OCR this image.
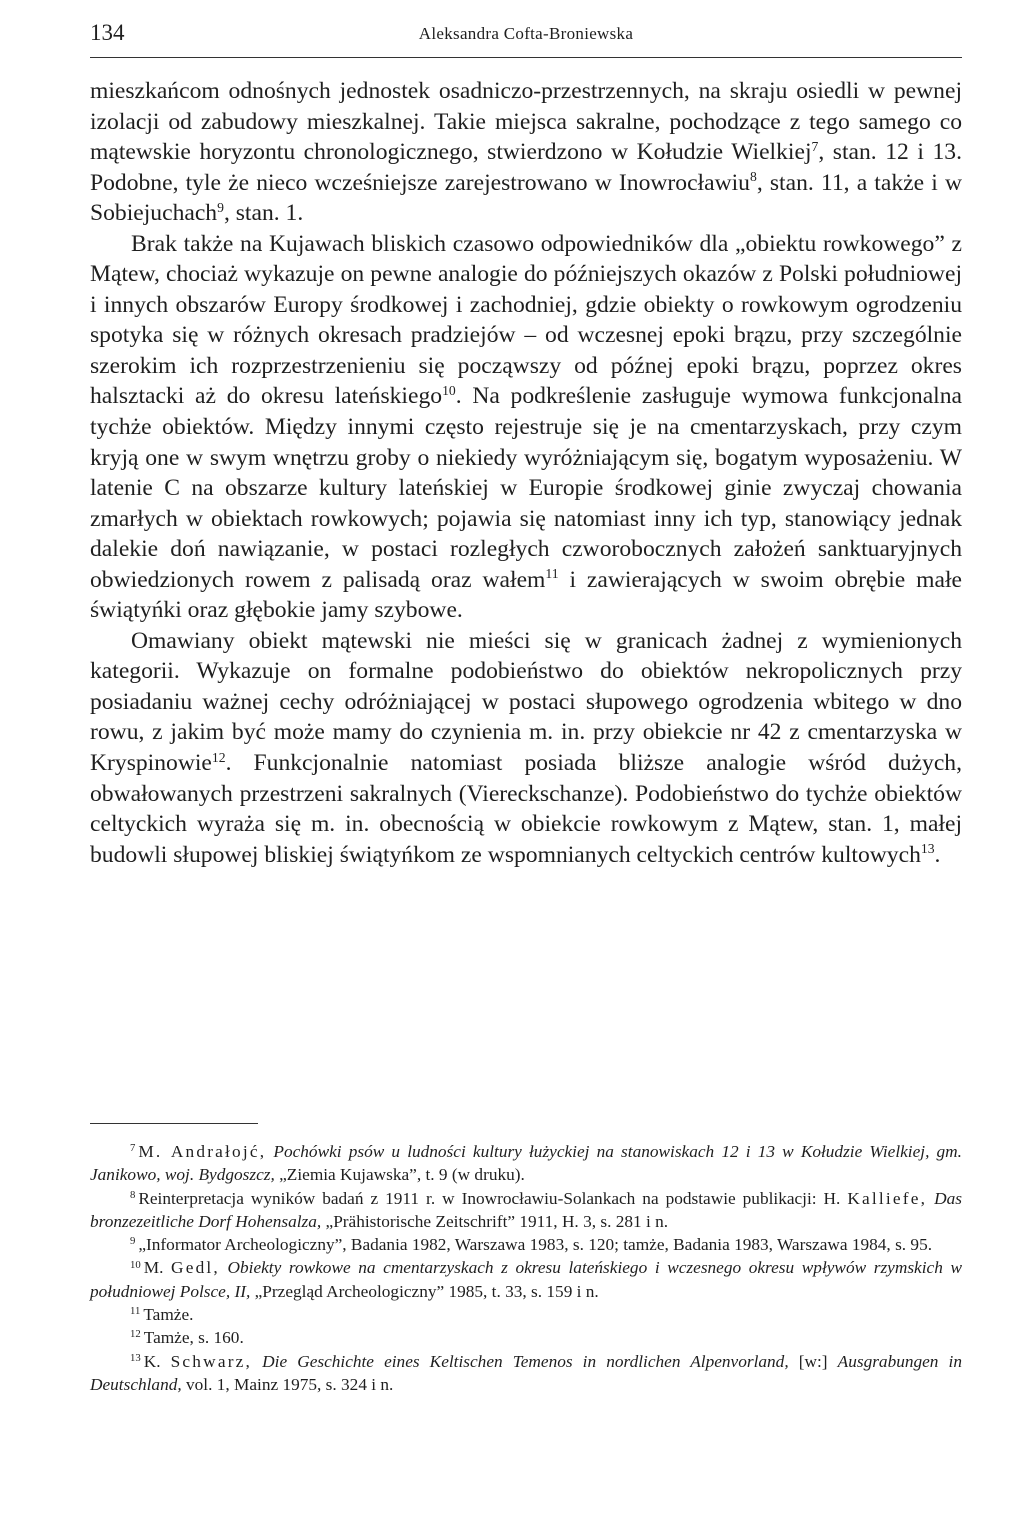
134	Aleksandra Cofta-Broniewska

mieszkańcom odnośnych jednostek osadniczo-przestrzennych, na skraju osiedli w pewnej izolacji od zabudowy mieszkalnej. Takie miejsca sakralne, pochodzące z tego samego co mątewskie horyzontu chronologicznego, stwierdzono w Kołudzie Wielkiej$^7$, stan. 12 i 13. Podobne, tyle że nieco wcześniejsze zarejestrowano w Inowrocławiu$^8$, stan. 11, a także i w Sobiejuchach$^9$, stan. 1.

Brak także na Kujawach bliskich czasowo odpowiedników dla „obiektu rowkowego” z Mątew, chociaż wykazuje on pewne analogie do późniejszych okazów z Polski południowej i innych obszarów Europy środkowej i zachodniej, gdzie obiekty o rowkowym ogrodzeniu spotyka się w różnych okresach pradziejów – od wczesnej epoki brązu, przy szczególnie szerokim ich rozprzestrzenieniu się począwszy od późnej epoki brązu, poprzez okres halsztacki aż do okresu lateńskiego$^{10}$. Na podkreślenie zasługuje wymowa funkcjonalna tychże obiektów. Między innymi często rejestruje się je na cmentarzyskach, przy czym kryją one w swym wnętrzu groby o niekiedy wyróżniającym się, bogatym wyposażeniu. W latenie C na obszarze kultury lateńskiej w Europie środkowej ginie zwyczaj chowania zmarłych w obiektach rowkowych; pojawia się natomiast inny ich typ, stanowiący jednak dalekie doń nawiązanie, w postaci rozległych czworobocznych założeń sanktuaryjnych obwiedzionych rowem z palisadą oraz wałem$^{11}$ i zawierających w swoim obrębie małe świątyńki oraz głębokie jamy szybowe.

Omawiany obiekt mątewski nie mieści się w granicach żadnej z wymienionych kategorii. Wykazuje on formalne podobieństwo do obiektów nekropolicznych przy posiadaniu ważnej cechy odróżniającej w postaci słupowego ogrodzenia wbitego w dno rowu, z jakim być może mamy do czynienia m. in. przy obiekcie nr 42 z cmentarzyska w Kryspinowie$^{12}$. Funkcjonalnie natomiast posiada bliższe analogie wśród dużych, obwałowanych przestrzeni sakralnych (Viereckschanze). Podobieństwo do tychże obiektów celtyckich wyraża się m. in. obecnością w obiekcie rowkowym z Mątew, stan. 1, małej budowli słupowej bliskiej świątyńkom ze wspomnianych celtyckich centrów kultowych$^{13}$.

$^7$ M. Andrałojć, Pochówki psów u ludności kultury łużyckiej na stanowiskach 12 i 13 w Kołudzie Wielkiej, gm. Janikowo, woj. Bydgoszcz, „Ziemia Kujawska”, t. 9 (w druku).

$^8$ Reinterpretacja wyników badań z 1911 r. w Inowrocławiu-Solankach na podstawie publikacji: H. Kalliefe, Das bronzezeitliche Dorf Hohensalza, „Prähistorische Zeitschrift” 1911, H. 3, s. 281 i n.

$^9$ „Informator Archeologiczny”, Badania 1982, Warszawa 1983, s. 120; tamże, Badania 1983, Warszawa 1984, s. 95.

$^{10}$ M. Gedl, Obiekty rowkowe na cmentarzyskach z okresu lateńskiego i wczesnego okresu wpływów rzymskich w południowej Polsce, II, „Przegląd Archeologiczny” 1985, t. 33, s. 159 i n.

$^{11}$ Tamże.

$^{12}$ Tamże, s. 160.

$^{13}$ K. Schwarz, Die Geschichte eines Keltischen Temenos in nordlichen Alpenvorland, [w:] Ausgrabungen in Deutschland, vol. 1, Mainz 1975, s. 324 i n.
